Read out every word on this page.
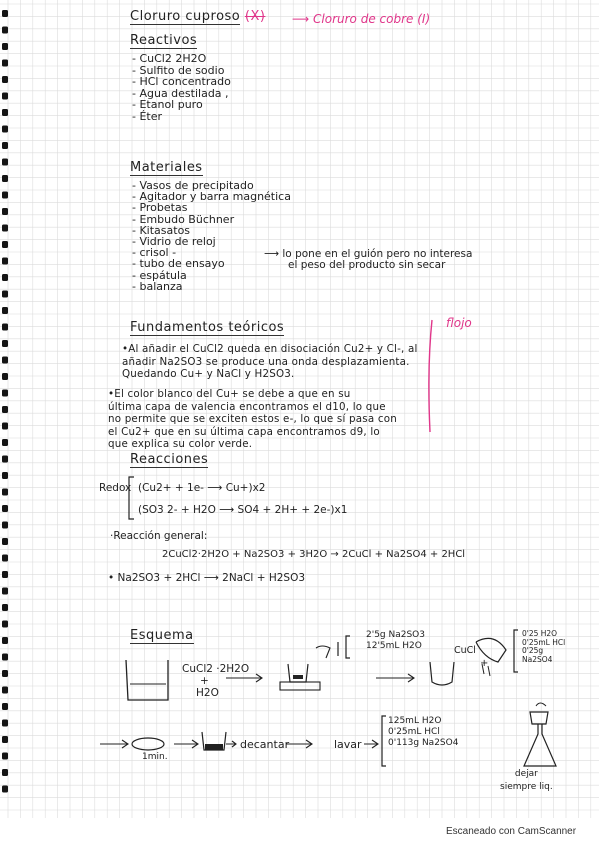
Cloruro cuproso (X) ⟶ Cloruro de cobre (I)
Reactivos
- CuCl2 2H2O
- Sulfito de sodio
- HCl concentrado
- Agua destilada ,
- Etanol puro
- Éter
Materiales
- Vasos de precipitado
- Agitador y barra magnética
- Probetas
- Embudo Büchner
- Kitasatos
- Vidrio de reloj
- crisol -
- tubo de ensayo
- espátula
- balanza
⟶ lo pone en el guión pero no interesa
el peso del producto sin secar
Fundamentos teóricos	flojo
•Al añadir el CuCl2 queda en disociación Cu2+ y Cl-, al
añadir Na2SO3 se produce una onda desplazamienta.
Quedando Cu+ y NaCl y H2SO3.
•El color blanco del Cu+ se debe a que en su
última capa de valencia encontramos el d10, lo que
no permite que se exciten estos e-, lo que sí pasa con
el Cu2+ que en su última capa encontramos d9, lo
que explica su color verde.
Reacciones
Redox (Cu2+ + 1e- ⟶ Cu+)x2
(SO3 2- + H2O ⟶ SO4 + 2H+ + 2e-)x1
·Reacción general:
2CuCl2·2H2O + Na2SO3 + 3H2O → 2CuCl + Na2SO4 + 2HCl
• Na2SO3 + 2HCl ⟶ 2NaCl + H2SO3
Esquema
CuCl2 ·2H2O
+
H2O
2'5g Na2SO3
12'5mL H2O	CuCl
+
0'25 H2O
0'25mL HCl
0'25g
Na2SO4
1min.
decantar	lavar
125mL H2O
0'25mL HCl
0'113g Na2SO4
dejar
siempre liq.
Escaneado con CamScanner
